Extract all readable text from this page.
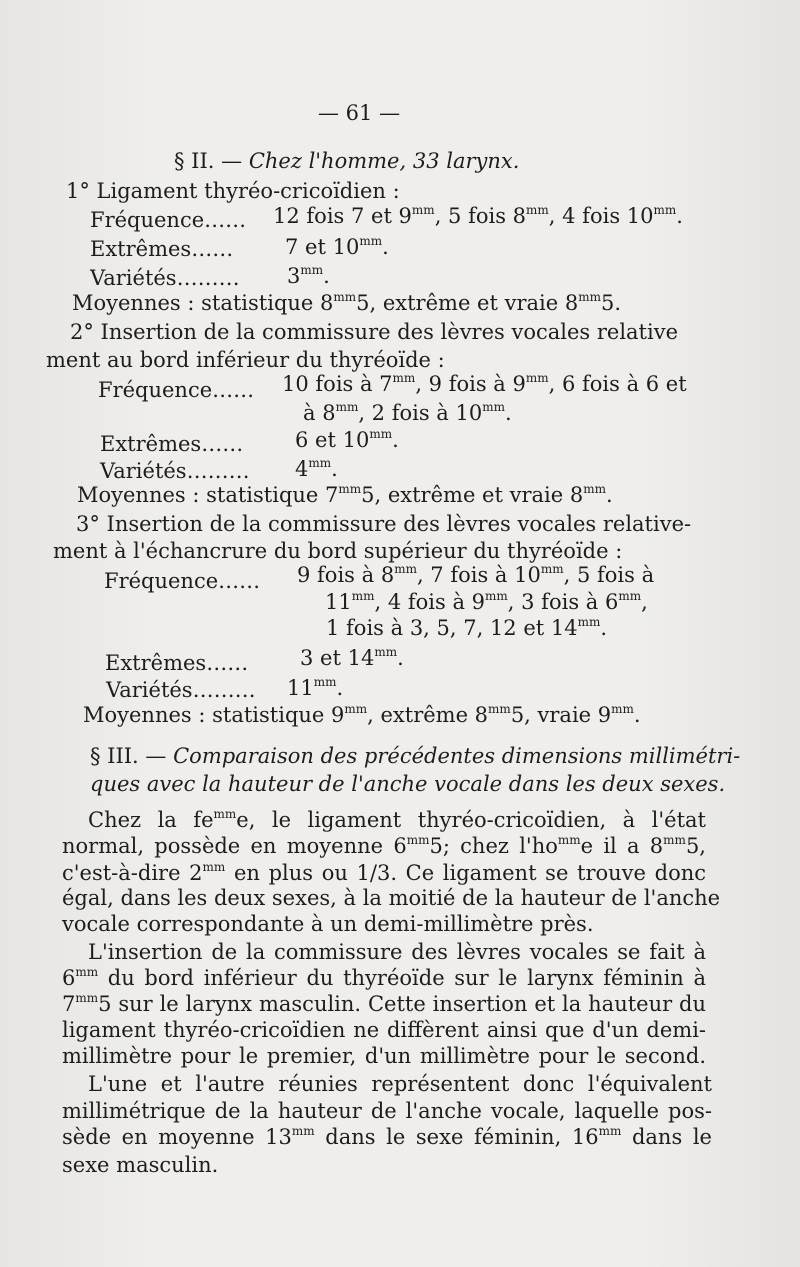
— 61 —
§ II. — Chez l'homme, 33 larynx.
1° Ligament thyréo-cricoïdien :
Fréquence…… 12 fois 7 et $9^{mm}$, 5 fois $8^{mm}$, 4 fois $10^{mm}$.
Extrêmes…… 7 et $10^{mm}$.
Variétés……… $3^{mm}$.
Moyennes : statistique $8^{mm}5$, extrême et vraie $8^{mm}5$.
2° Insertion de la commissure des lèvres vocales relative
ment au bord inférieur du thyréoïde :
Fréquence…… 10 fois à $7^{mm}$, 9 fois à $9^{mm}$, 6 fois à 6 et
à $8^{mm}$, 2 fois à $10^{mm}$.
Extrêmes…… 6 et $10^{mm}$.
Variétés……… $4^{mm}$.
Moyennes : statistique $7^{mm}5$, extrême et vraie $8^{mm}$.
3° Insertion de la commissure des lèvres vocales relative-
ment à l'échancrure du bord supérieur du thyréoïde :
Fréquence…… 9 fois à $8^{mm}$, 7 fois à $10^{mm}$, 5 fois à
$11^{mm}$, 4 fois à $9^{mm}$, 3 fois à $6^{mm}$,
1 fois à 3, 5, 7, 12 et $14^{mm}$.
Extrêmes…… 3 et $14^{mm}$.
Variétés……… $11^{mm}$.
Moyennes : statistique $9^{mm}$, extrême $8^{mm}5$, vraie $9^{mm}$.
§ III. — Comparaison des précédentes dimensions millimétri-
ques avec la hauteur de l'anche vocale dans les deux sexes.
Chez la $fe^{mm}e$, le ligament thyréo-cricoïdien, à l'état
normal, possède en moyenne $6^{mm}5$; chez $l'ho^{mm}e$ il a $8^{mm}5$,
c'est-à-dire $2^{mm}$ en plus ou 1/3. Ce ligament se trouve donc
égal, dans les deux sexes, à la moitié de la hauteur de l'anche
vocale correspondante à un demi-millimètre près.
L'insertion de la commissure des lèvres vocales se fait à
$6^{mm}$ du bord inférieur du thyréoïde sur le larynx féminin à
$7^{mm}5$ sur le larynx masculin. Cette insertion et la hauteur du
ligament thyréo-cricoïdien ne diffèrent ainsi que d'un demi-
millimètre pour le premier, d'un millimètre pour le second.
L'une et l'autre réunies représentent donc l'équivalent
millimétrique de la hauteur de l'anche vocale, laquelle pos-
sède en moyenne $13^{mm}$ dans le sexe féminin, $16^{mm}$ dans le
sexe masculin.
